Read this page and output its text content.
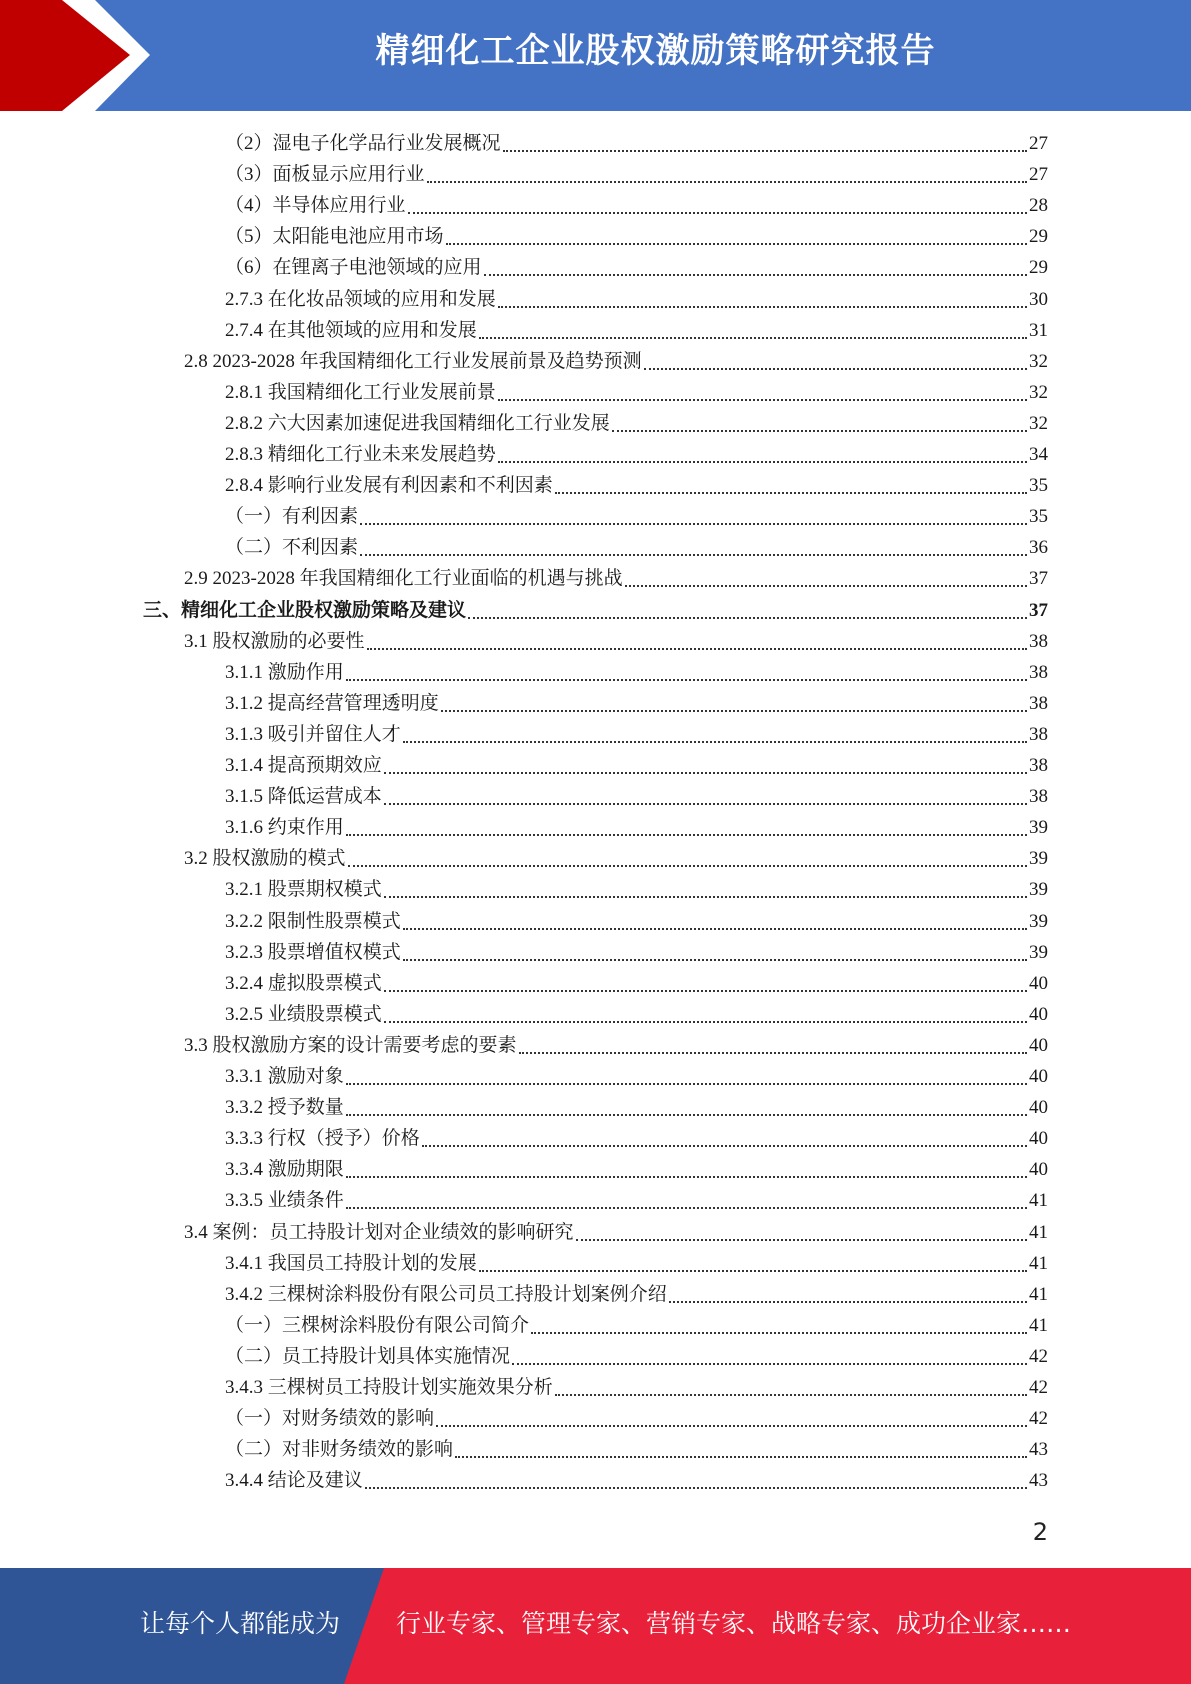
精细化工企业股权激励策略研究报告
（2）湿电子化学品行业发展概况	27
（3）面板显示应用行业	27
（4）半导体应用行业	28
（5）太阳能电池应用市场	29
（6）在锂离子电池领域的应用	29
2.7.3 在化妆品领域的应用和发展	30
2.7.4 在其他领域的应用和发展	31
2.8 2023-2028 年我国精细化工行业发展前景及趋势预测	32
2.8.1 我国精细化工行业发展前景	32
2.8.2 六大因素加速促进我国精细化工行业发展	32
2.8.3 精细化工行业未来发展趋势	34
2.8.4 影响行业发展有利因素和不利因素	35
（一）有利因素	35
（二）不利因素	36
2.9 2023-2028 年我国精细化工行业面临的机遇与挑战	37
三、精细化工企业股权激励策略及建议	37
3.1 股权激励的必要性	38
3.1.1 激励作用	38
3.1.2 提高经营管理透明度	38
3.1.3 吸引并留住人才	38
3.1.4 提高预期效应	38
3.1.5 降低运营成本	38
3.1.6 约束作用	39
3.2 股权激励的模式	39
3.2.1 股票期权模式	39
3.2.2 限制性股票模式	39
3.2.3 股票增值权模式	39
3.2.4 虚拟股票模式	40
3.2.5 业绩股票模式	40
3.3 股权激励方案的设计需要考虑的要素	40
3.3.1 激励对象	40
3.3.2 授予数量	40
3.3.3 行权（授予）价格	40
3.3.4 激励期限	40
3.3.5 业绩条件	41
3.4 案例：员工持股计划对企业绩效的影响研究	41
3.4.1 我国员工持股计划的发展	41
3.4.2 三棵树涂料股份有限公司员工持股计划案例介绍	41
（一）三棵树涂料股份有限公司简介	41
（二）员工持股计划具体实施情况	42
3.4.3 三棵树员工持股计划实施效果分析	42
（一）对财务绩效的影响	42
（二）对非财务绩效的影响	43
3.4.4 结论及建议	43
2
让每个人都能成为 行业专家、管理专家、营销专家、战略专家、成功企业家……
